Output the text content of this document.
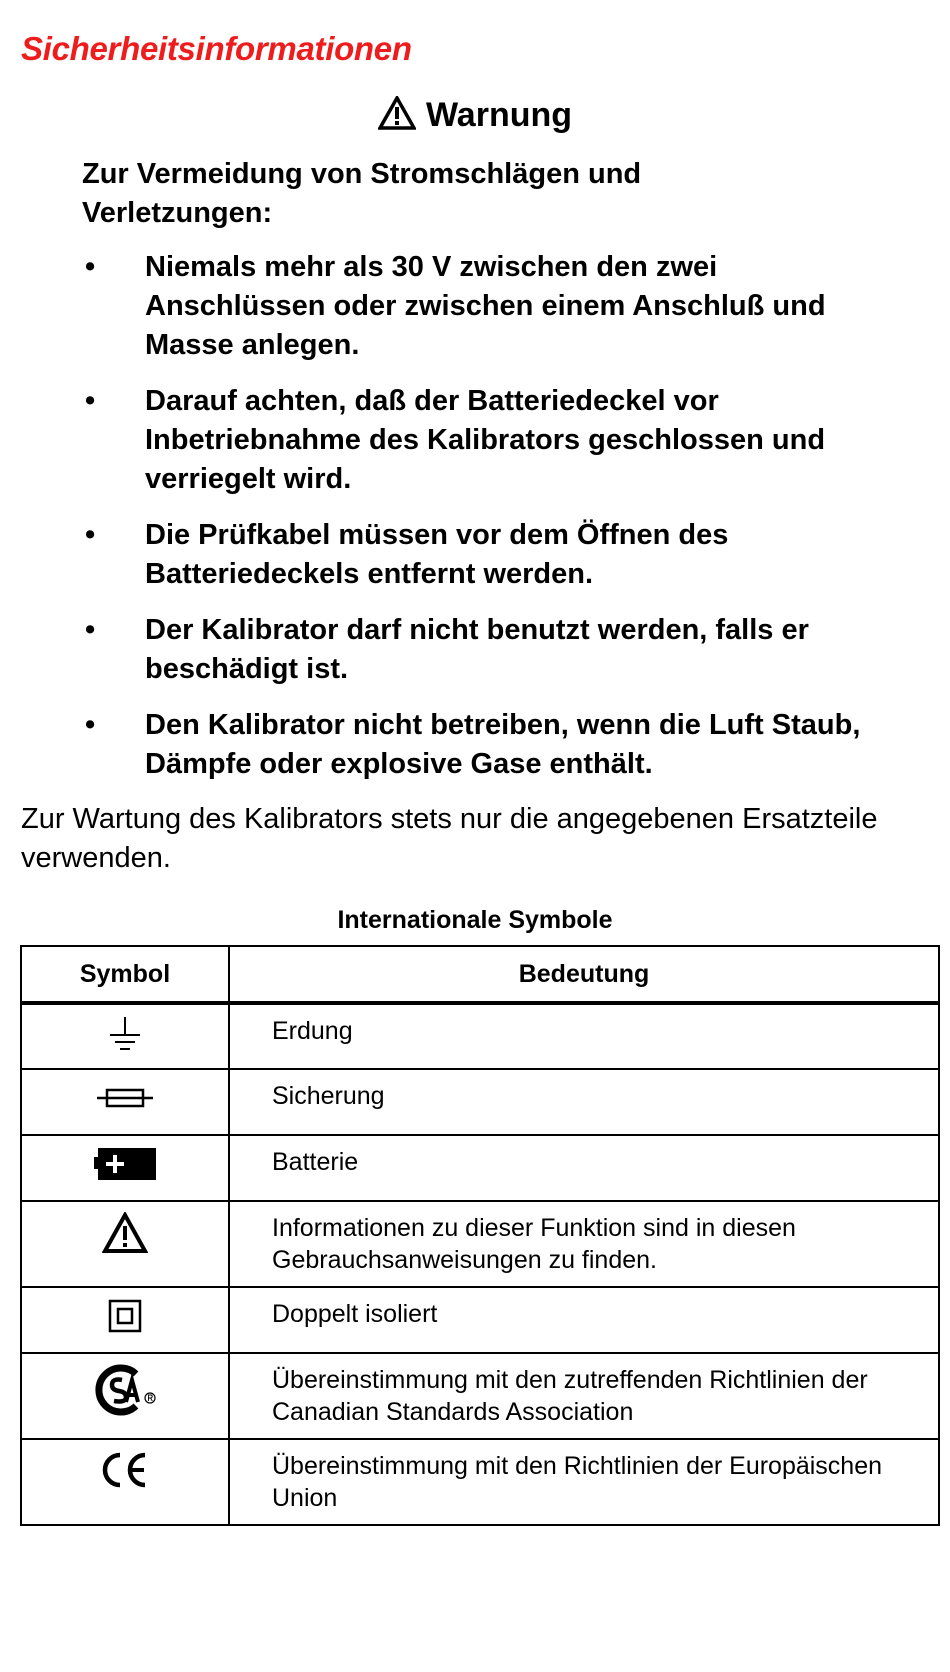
Sicherheitsinformationen
Warnung
Zur Vermeidung von Stromschlägen und Verletzungen:
• Niemals mehr als 30 V zwischen den zwei Anschlüssen oder zwischen einem Anschluß und Masse anlegen.
• Darauf achten, daß der Batteriedeckel vor Inbetriebnahme des Kalibrators geschlossen und verriegelt wird.
• Die Prüfkabel müssen vor dem Öffnen des Batteriedeckels entfernt werden.
• Der Kalibrator darf nicht benutzt werden, falls er beschädigt ist.
• Den Kalibrator nicht betreiben, wenn die Luft Staub, Dämpfe oder explosive Gase enthält.
Zur Wartung des Kalibrators stets nur die angegebenen Ersatzteile verwenden.
Internationale Symbole
Symbol	Bedeutung

	Erdung

	Sicherung

	Batterie

	Informationen zu dieser Funktion sind in diesen Gebrauchsanweisungen zu finden.

	Doppelt isoliert

	Übereinstimmung mit den zutreffenden Richtlinien der Canadian Standards Association

	Übereinstimmung mit den Richtlinien der Europäischen Union
